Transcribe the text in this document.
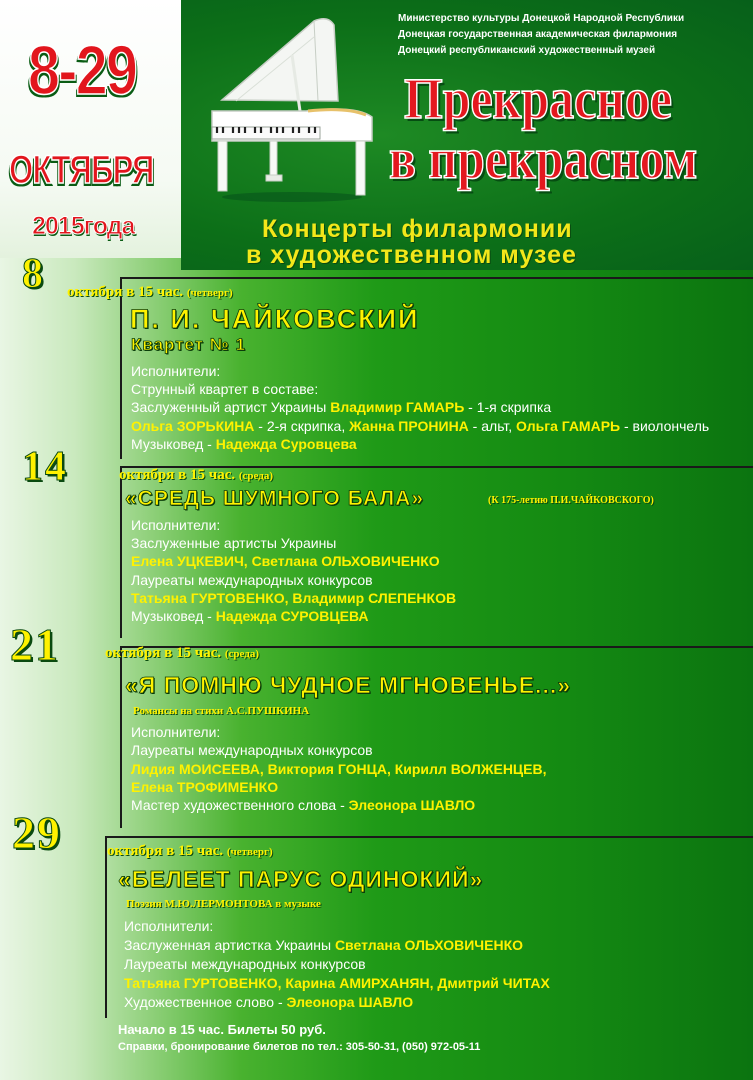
8-29
ОКТЯБРЯ
2015года
Министерство культуры Донецкой Народной Республики
Донецкая государственная академическая филармония
Донецкий республиканский художественный музей
Прекрасное
в прекрасном
Концерты филармонии
в художественном музее
8 октября в 15 час. (четверг)
П. И. ЧАЙКОВСКИЙ
Квартет № 1
Исполнители:
Струнный квартет в составе:
Заслуженный артист Украины Владимир ГАМАРЬ - 1-я скрипка
Ольга ЗОРЬКИНА - 2-я скрипка, Жанна ПРОНИНА - альт, Ольга ГАМАРЬ - виолончель
Музыковед - Надежда Суровцева
14	октября в 15 час. (среда)
«СРЕДЬ ШУМНОГО БАЛА»	(К 175-летию П.И.ЧАЙКОВСКОГО)
Исполнители:
Заслуженные артисты Украины
Елена УЦКЕВИЧ, Светлана ОЛЬХОВИЧЕНКО
Лауреаты международных конкурсов
Татьяна ГУРТОВЕНКО, Владимир СЛЕПЕНКОВ
Музыковед - Надежда СУРОВЦЕВА
21	октября в 15 час. (среда)
«Я ПОМНЮ ЧУДНОЕ МГНОВЕНЬЕ...»
Романсы на стихи А.С.ПУШКИНА
Исполнители:
Лауреаты международных конкурсов
Лидия МОИСЕЕВА, Виктория ГОНЦА, Кирилл ВОЛЖЕНЦЕВ,
Елена ТРОФИМЕНКО
Мастер художественного слова - Элеонора ШАВЛО
29	октября в 15 час. (четверг)
«БЕЛЕЕТ ПАРУС ОДИНОКИЙ»
Поэзия М.Ю.ЛЕРМОНТОВА в музыке
Исполнители:
Заслуженная артистка Украины Светлана ОЛЬХОВИЧЕНКО
Лауреаты международных конкурсов
Татьяна ГУРТОВЕНКО, Карина АМИРХАНЯН, Дмитрий ЧИТАХ
Художественное слово - Элеонора ШАВЛО
Начало в 15 час. Билеты 50 руб.
Справки, бронирование билетов по тел.: 305-50-31, (050) 972-05-11
